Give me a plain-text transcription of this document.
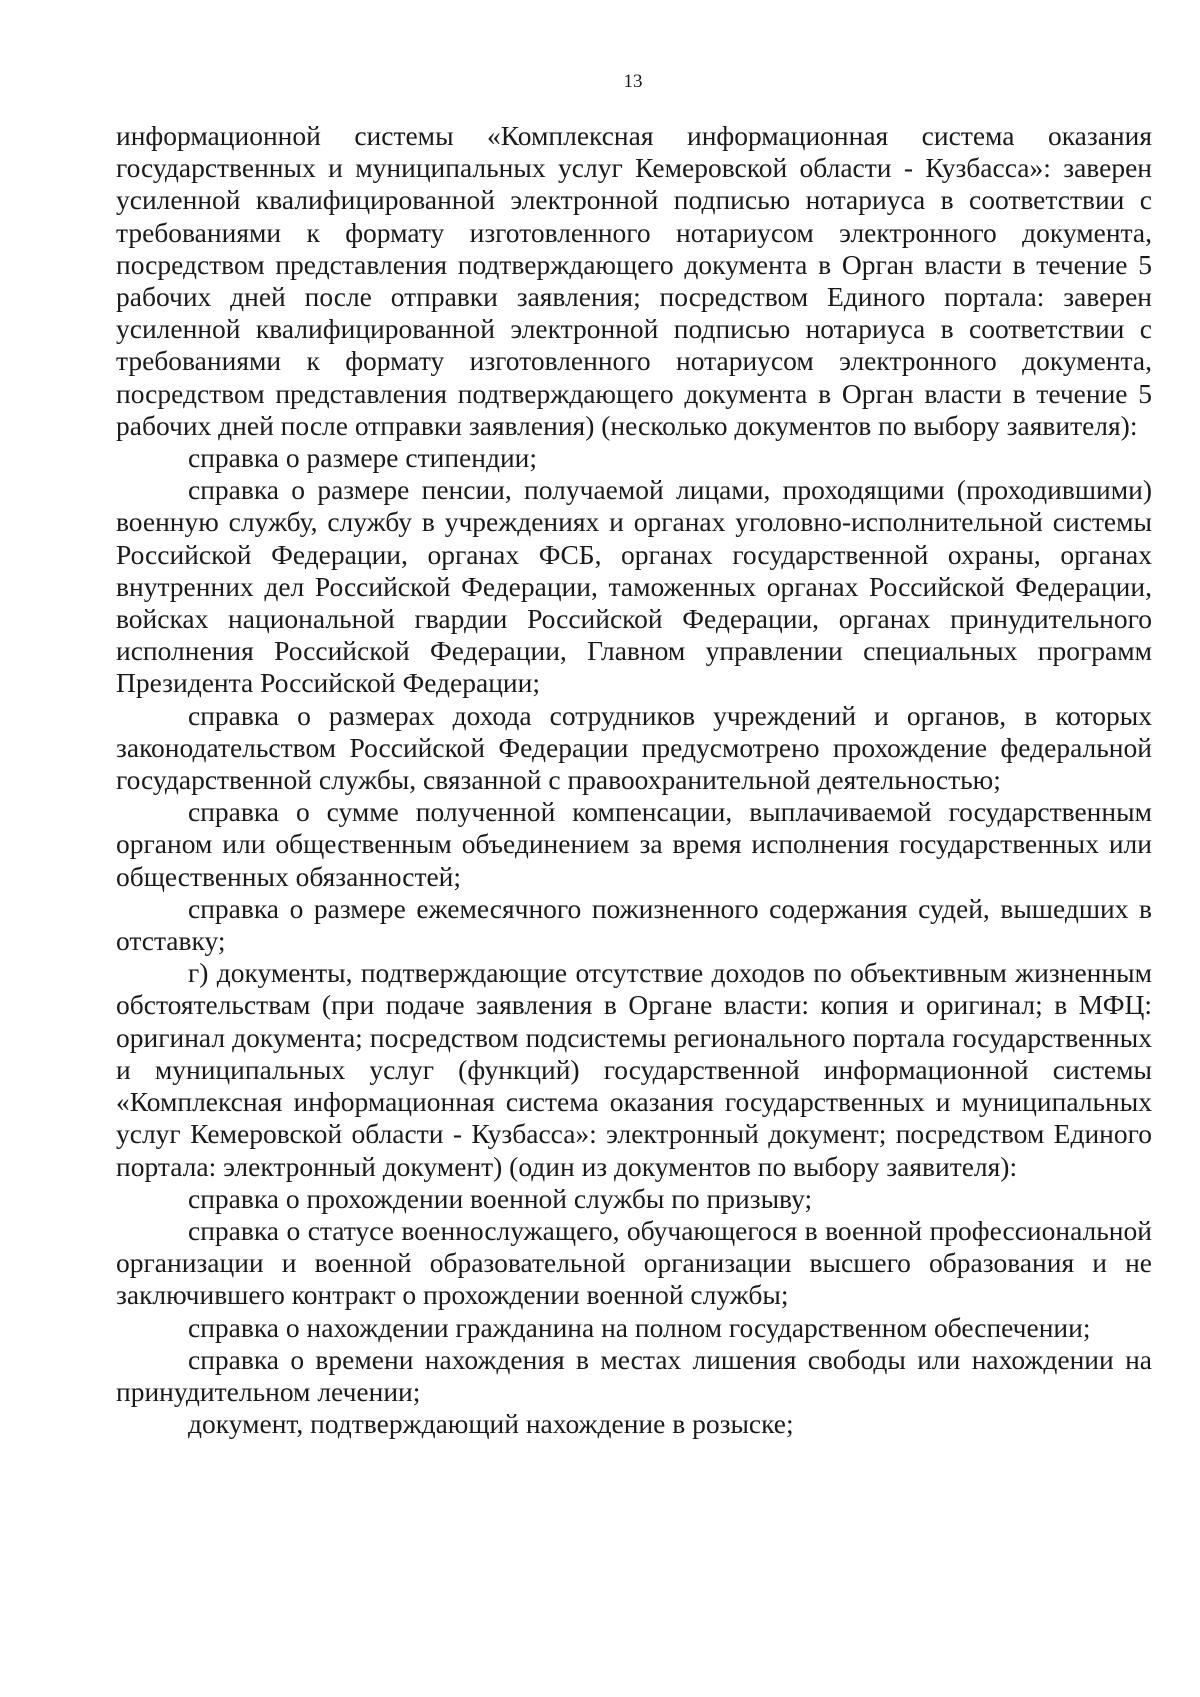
13

информационной системы «Комплексная информационная система оказания государственных и муниципальных услуг Кемеровской области - Кузбасса»: заверен усиленной квалифицированной электронной подписью нотариуса в соответствии с требованиями к формату изготовленного нотариусом электронного документа, посредством представления подтверждающего документа в Орган власти в течение 5 рабочих дней после отправки заявления; посредством Единого портала: заверен усиленной квалифицированной электронной подписью нотариуса в соответствии с требованиями к формату изготовленного нотариусом электронного документа, посредством представления подтверждающего документа в Орган власти в течение 5 рабочих дней после отправки заявления) (несколько документов по выбору заявителя):

справка о размере стипендии;

справка о размере пенсии, получаемой лицами, проходящими (проходившими) военную службу, службу в учреждениях и органах уголовно-исполнительной системы Российской Федерации, органах ФСБ, органах государственной охраны, органах внутренних дел Российской Федерации, таможенных органах Российской Федерации, войсках национальной гвардии Российской Федерации, органах принудительного исполнения Российской Федерации, Главном управлении специальных программ Президента Российской Федерации;

справка о размерах дохода сотрудников учреждений и органов, в которых законодательством Российской Федерации предусмотрено прохождение федеральной государственной службы, связанной с правоохранительной деятельностью;

справка о сумме полученной компенсации, выплачиваемой государственным органом или общественным объединением за время исполнения государственных или общественных обязанностей;

справка о размере ежемесячного пожизненного содержания судей, вышедших в отставку;

г) документы, подтверждающие отсутствие доходов по объективным жизненным обстоятельствам (при подаче заявления в Органе власти: копия и оригинал; в МФЦ: оригинал документа; посредством подсистемы регионального портала государственных и муниципальных услуг (функций) государственной информационной системы «Комплексная информационная система оказания государственных и муниципальных услуг Кемеровской области - Кузбасса»: электронный документ; посредством Единого портала: электронный документ) (один из документов по выбору заявителя):

справка о прохождении военной службы по призыву;

справка о статусе военнослужащего, обучающегося в военной профессиональной организации и военной образовательной организации высшего образования и не заключившего контракт о прохождении военной службы;

справка о нахождении гражданина на полном государственном обеспечении;

справка о времени нахождения в местах лишения свободы или нахождении на принудительном лечении;

документ, подтверждающий нахождение в розыске;
